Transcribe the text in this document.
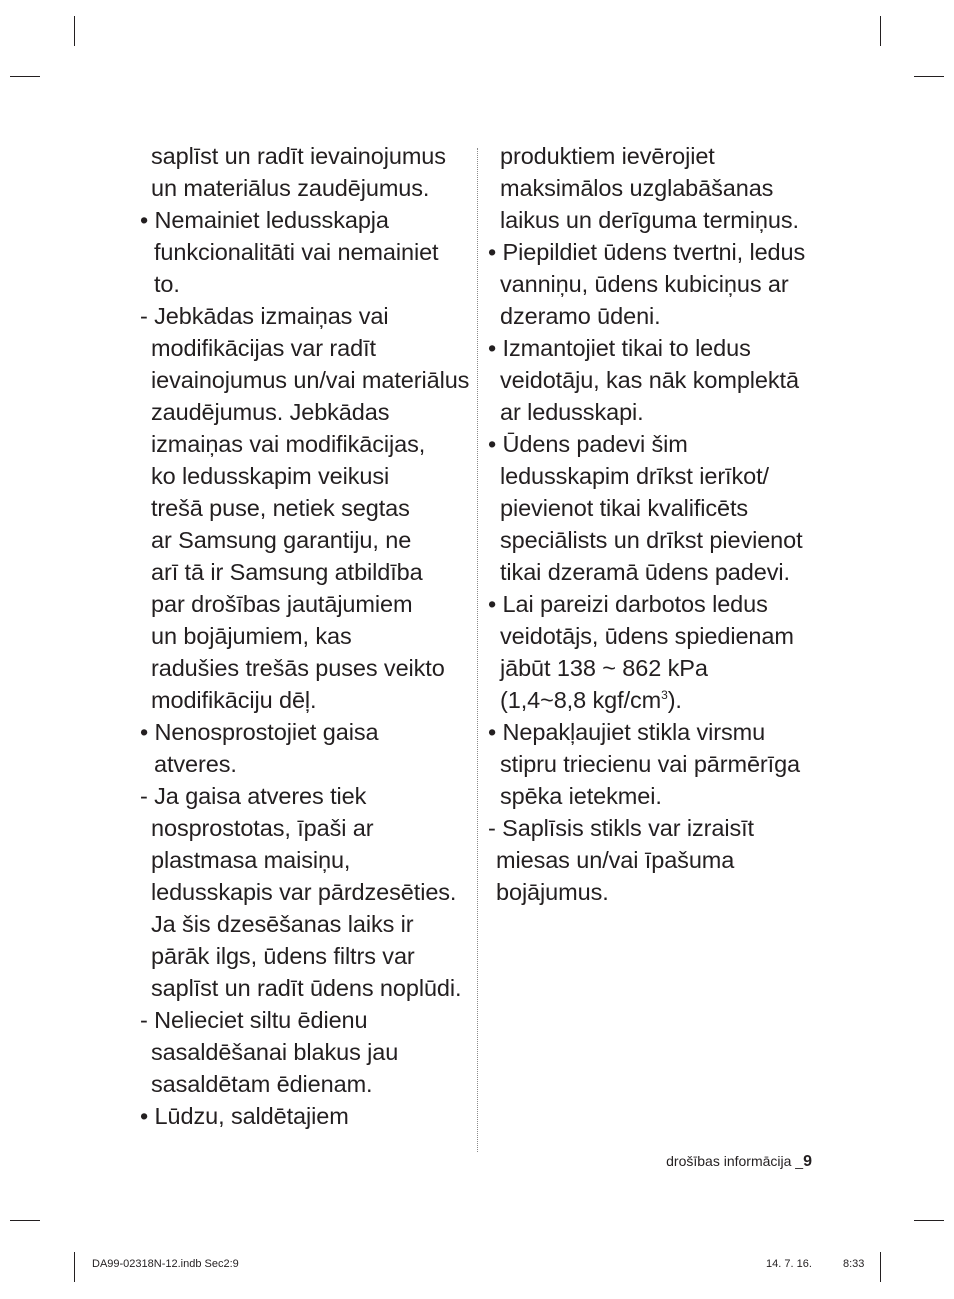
saplīst un radīt ievainojumus

un materiālus zaudējumus.

• Nemainiet ledusskapja

funkcionalitāti vai nemainiet

to.

- Jebkādas izmaiņas vai

modifikācijas var radīt

ievainojumus un/vai materiālus

zaudējumus. Jebkādas

izmaiņas vai modifikācijas,

ko ledusskapim veikusi

trešā puse, netiek segtas

ar Samsung garantiju, ne

arī tā ir Samsung atbildība

par drošības jautājumiem

un bojājumiem, kas

radušies trešās puses veikto

modifikāciju dēļ.

• Nenosprostojiet gaisa

atveres.

- Ja gaisa atveres tiek

nosprostotas, īpaši ar

plastmasa maisiņu,

ledusskapis var pārdzesēties.

Ja šis dzesēšanas laiks ir

pārāk ilgs, ūdens filtrs var

saplīst un radīt ūdens noplūdi.

- Nelieciet siltu ēdienu

sasaldēšanai blakus jau

sasaldētam ēdienam.

• Lūdzu, saldētajiem

produktiem ievērojiet

maksimālos uzglabāšanas

laikus un derīguma termiņus.

• Piepildiet ūdens tvertni, ledus

vanniņu, ūdens kubiciņus ar

dzeramo ūdeni.

• Izmantojiet tikai to ledus

veidotāju, kas nāk komplektā

ar ledusskapi.

• Ūdens padevi šim

ledusskapim drīkst ierīkot/

pievienot tikai kvalificēts

speciālists un drīkst pievienot

tikai dzeramā ūdens padevi.

• Lai pareizi darbotos ledus

veidotājs, ūdens spiedienam

jābūt 138 ~ 862 kPa

(1,4~8,8 kgf/$cm^3$).

• Nepakļaujiet stikla virsmu

stipru triecienu vai pārmērīga

spēka ietekmei.

- Saplīsis stikls var izraisīt

miesas un/vai īpašuma

bojājumus.

drošības informācija _9
DA99-02318N-12.indb Sec2:9	14. 7. 16.	8:33
